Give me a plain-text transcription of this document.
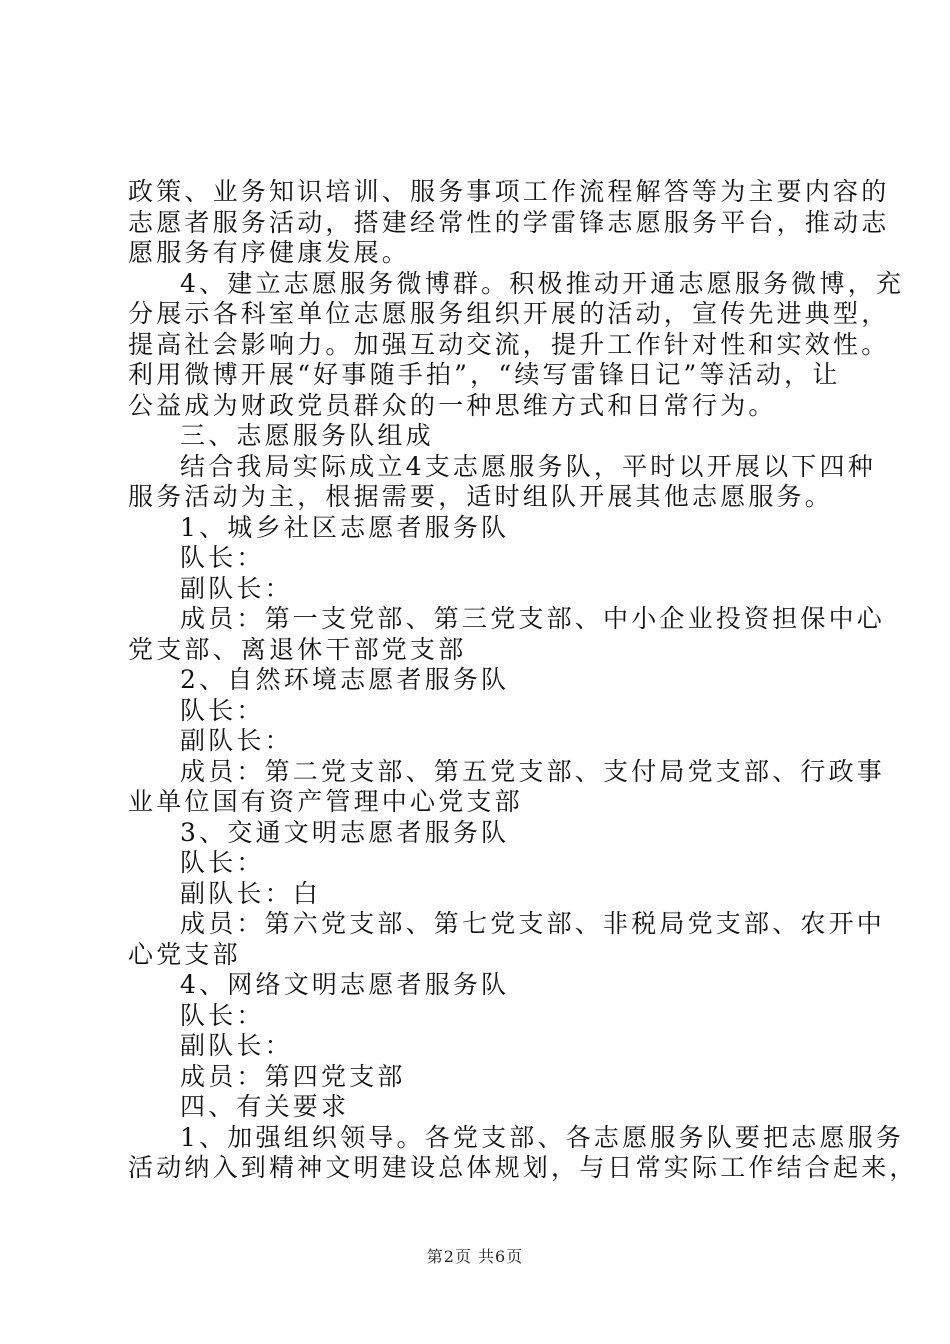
政策、业务知识培训、服务事项工作流程解答等为主要内容的
志愿者服务活动，搭建经常性的学雷锋志愿服务平台，推动志
愿服务有序健康发展。
4、建立志愿服务微博群。积极推动开通志愿服务微博，充
分展示各科室单位志愿服务组织开展的活动，宣传先进典型，
提高社会影响力。加强互动交流，提升工作针对性和实效性。
利用微博开展“好事随手拍”，“续写雷锋日记”等活动，让
公益成为财政党员群众的一种思维方式和日常行为。
三、志愿服务队组成
结合我局实际成立4支志愿服务队，平时以开展以下四种
服务活动为主，根据需要，适时组队开展其他志愿服务。
1、城乡社区志愿者服务队
队长：
副队长：
成员：第一支党部、第三党支部、中小企业投资担保中心
党支部、离退休干部党支部
2、自然环境志愿者服务队
队长：
副队长：
成员：第二党支部、第五党支部、支付局党支部、行政事
业单位国有资产管理中心党支部
3、交通文明志愿者服务队
队长：
副队长：白
成员：第六党支部、第七党支部、非税局党支部、农开中
心党支部
4、网络文明志愿者服务队
队长：
副队长：
成员：第四党支部
四、有关要求
1、加强组织领导。各党支部、各志愿服务队要把志愿服务
活动纳入到精神文明建设总体规划，与日常实际工作结合起来，
第2页 共6页
